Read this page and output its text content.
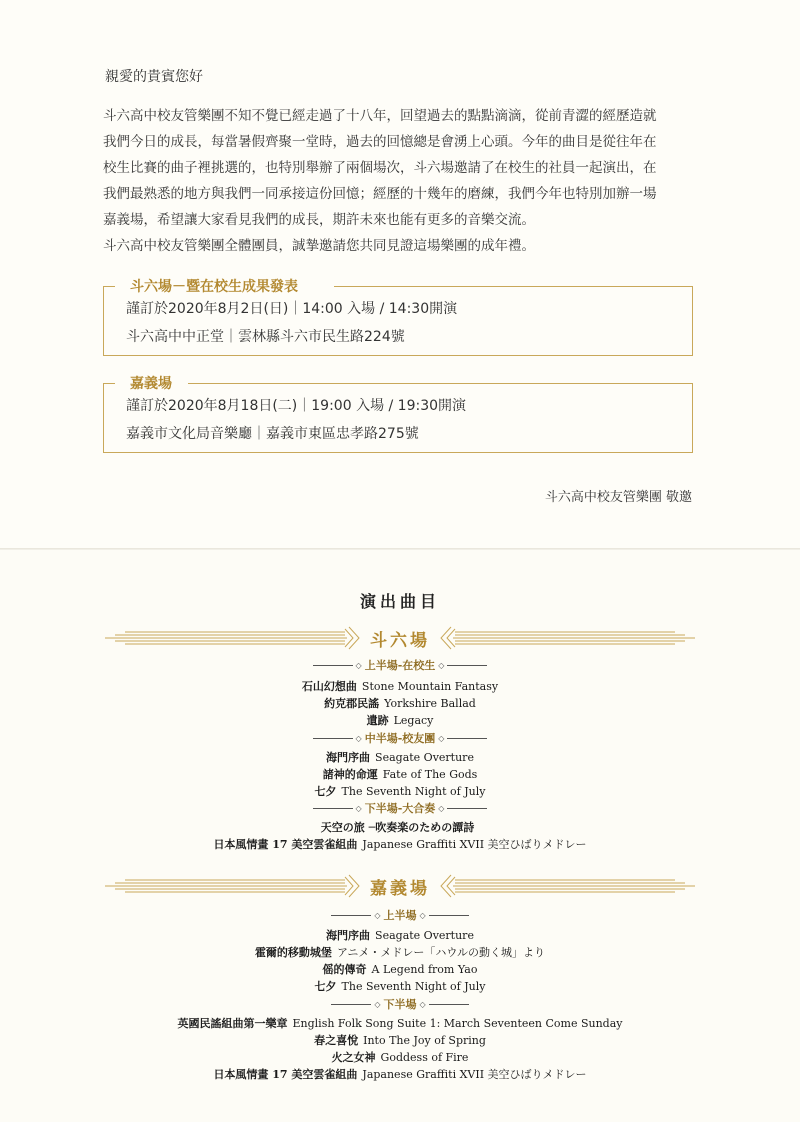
親愛的貴賓您好

斗六高中校友管樂團不知不覺已經走過了十八年，回望過去的點點滴滴，從前青澀的經歷造就

我們今日的成長，每當暑假齊聚一堂時，過去的回憶總是會湧上心頭。今年的曲目是從往年在

校生比賽的曲子裡挑選的，也特別舉辦了兩個場次，斗六場邀請了在校生的社員一起演出，在

我們最熟悉的地方與我們一同承接這份回憶；經歷的十幾年的磨練，我們今年也特別加辦一場

嘉義場，希望讓大家看見我們的成長，期許未來也能有更多的音樂交流。

斗六高中校友管樂團全體團員，誠摯邀請您共同見證這場樂團的成年禮。

斗六場－暨在校生成果發表
謹訂於2020年8月2日(日)｜14:00 入場 / 14:30開演
斗六高中中正堂｜雲林縣斗六市民生路224號
嘉義場
謹訂於2020年8月18日(二)｜19:00 入場 / 19:30開演
嘉義市文化局音樂廳｜嘉義市東區忠孝路275號
斗六高中校友管樂團 敬邀
演出曲目
斗六場
◇ 上半場-在校生 ◇
石山幻想曲 Stone Mountain Fantasy
約克郡民謠 Yorkshire Ballad
遺跡 Legacy
◇ 中半場-校友團 ◇
海門序曲 Seagate Overture
諸神的命運 Fate of The Gods
七夕 The Seventh Night of July
◇ 下半場-大合奏 ◇
天空の旅 ─吹奏楽のための譚詩
日本風情畫 17 美空雲雀組曲 Japanese Graffiti XVII 美空ひばりメドレー
嘉義場
◇ 上半場 ◇
海門序曲 Seagate Overture
霍爾的移動城堡 アニメ・メドレー「ハウルの動く城」より
傜的傳奇 A Legend from Yao
七夕 The Seventh Night of July
◇ 下半場 ◇
英國民謠組曲第一樂章 English Folk Song Suite 1: March Seventeen Come Sunday
春之喜悅 Into The Joy of Spring
火之女神 Goddess of Fire
日本風情畫 17 美空雲雀組曲 Japanese Graffiti XVII 美空ひばりメドレー
